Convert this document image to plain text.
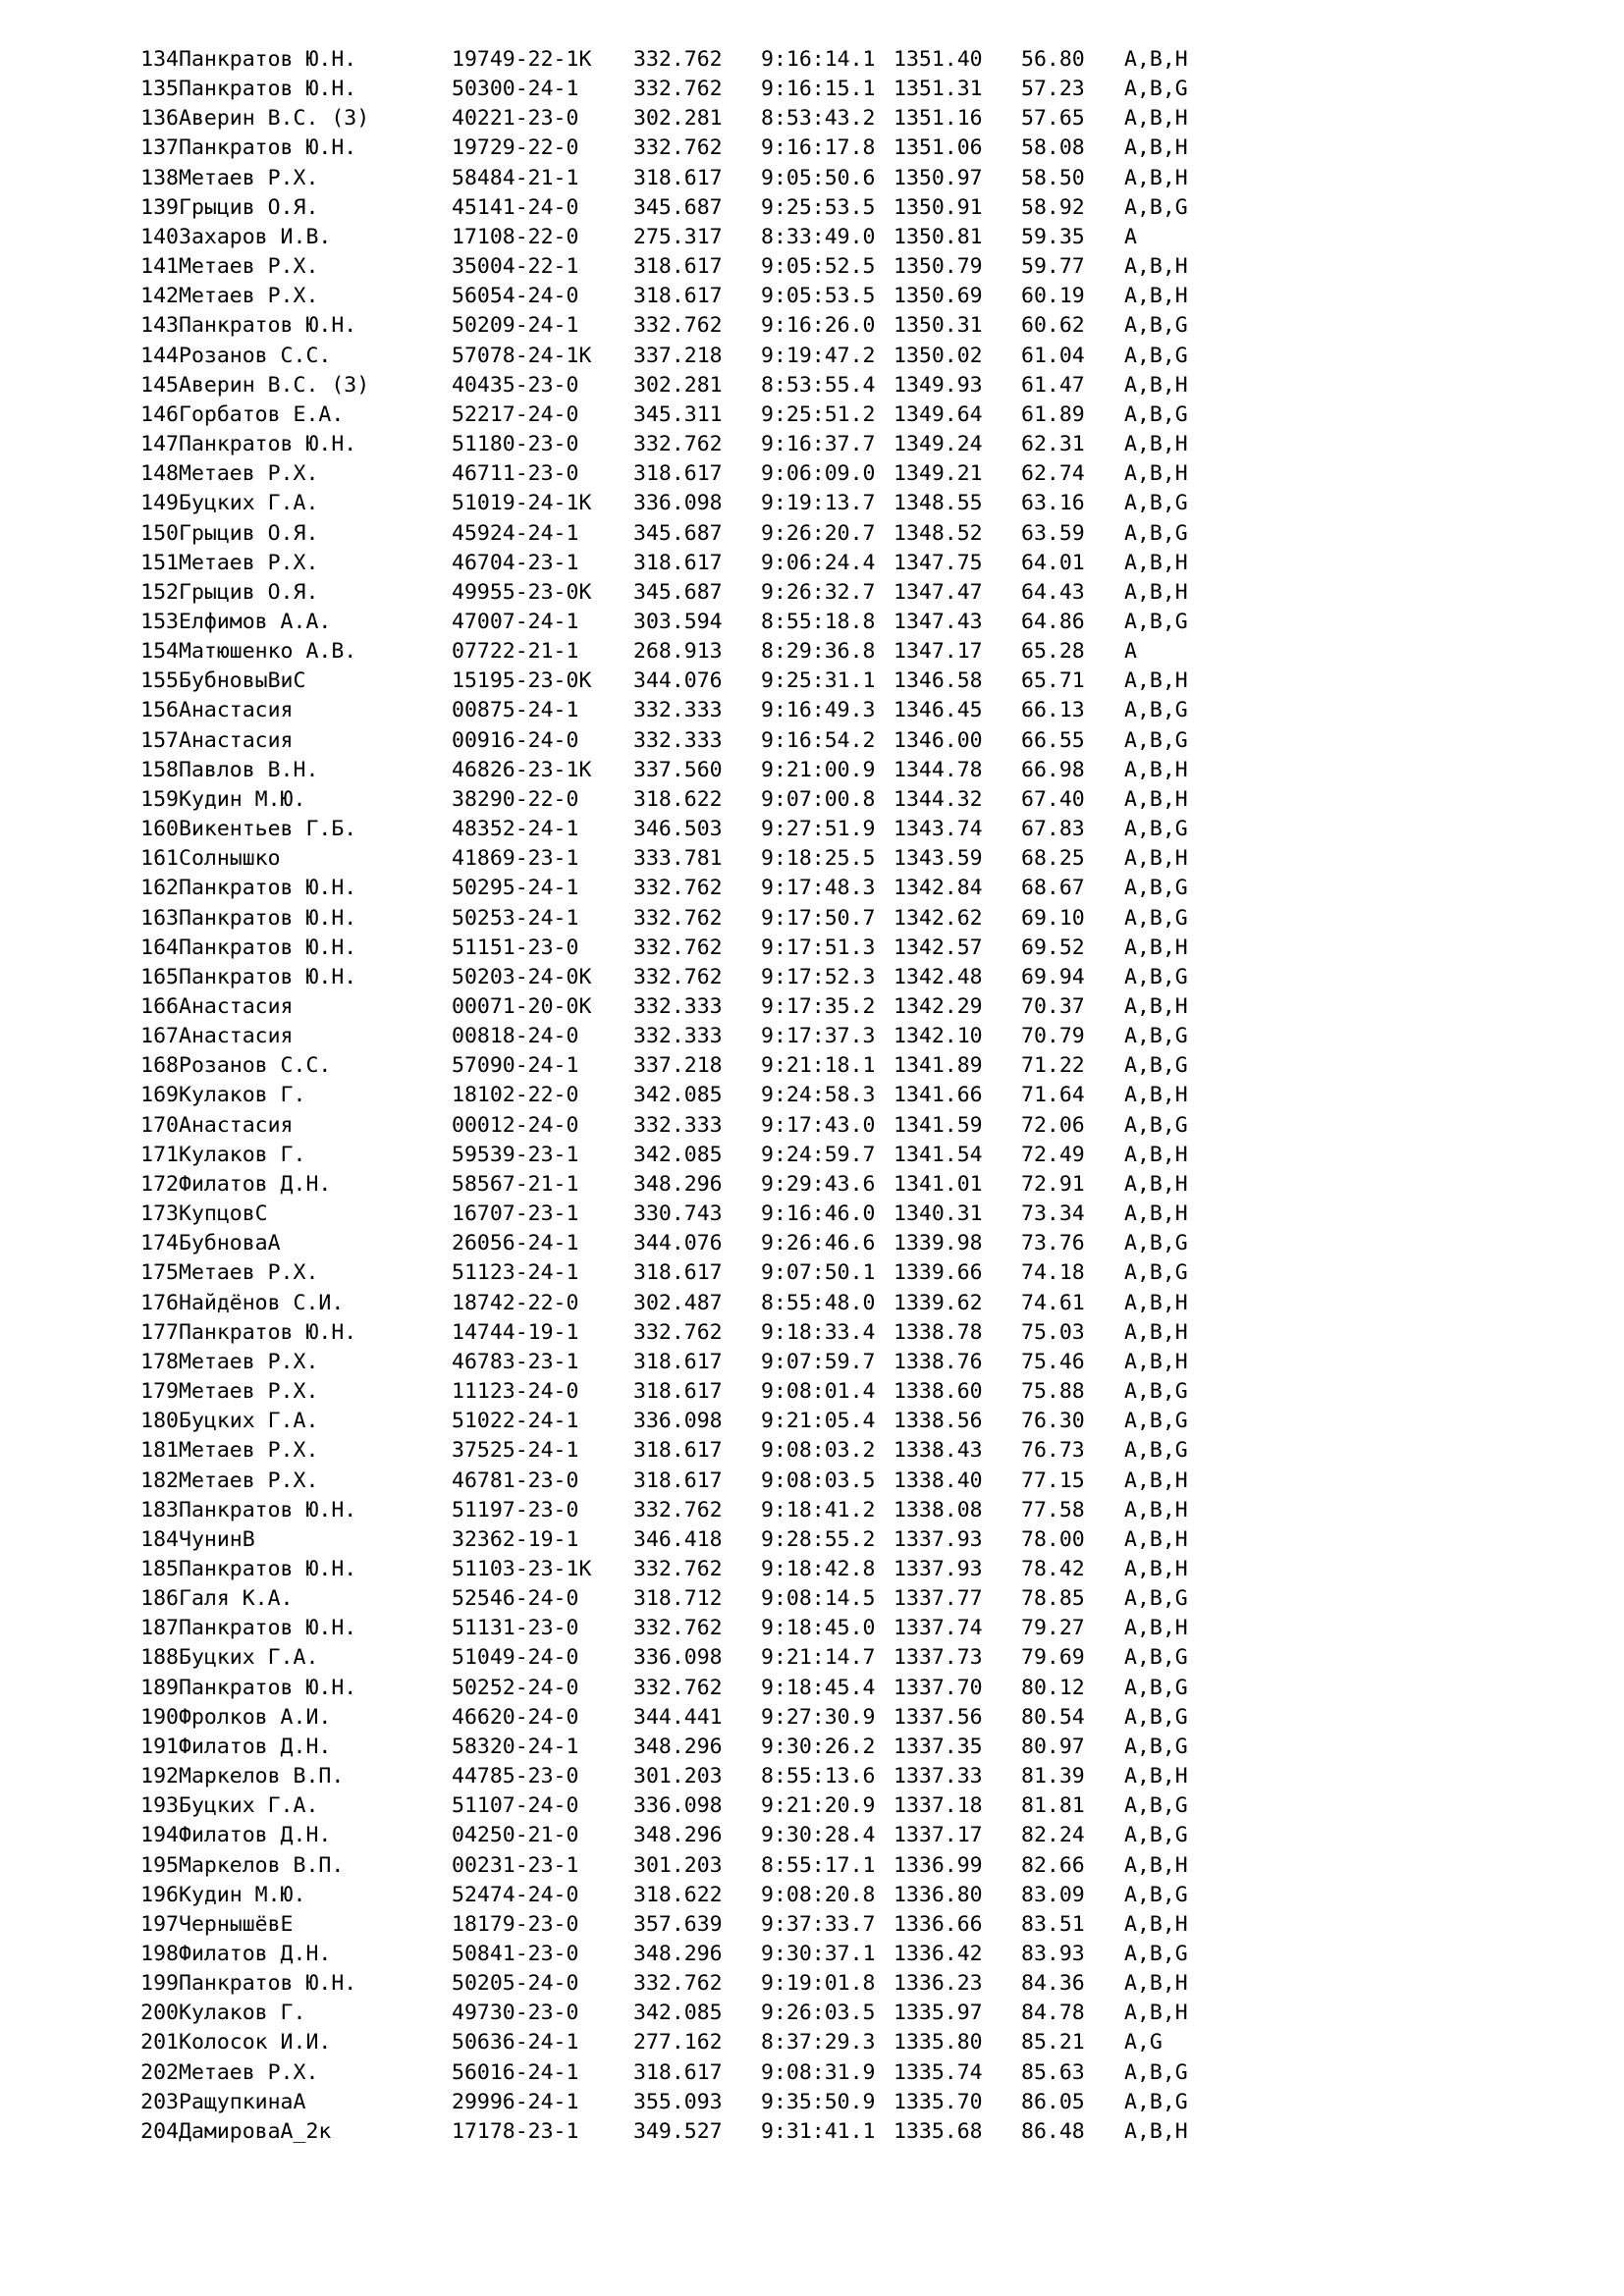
134	Панкратов Ю.Н.	19749-22-1К	332.762	9:16:14.1	1351.40	56.80	А,В,Н
135	Панкратов Ю.Н.	50300-24-1	332.762	9:16:15.1	1351.31	57.23	А,В,G
136	Аверин В.С. (З)	40221-23-0	302.281	8:53:43.2	1351.16	57.65	А,В,Н
137	Панкратов Ю.Н.	19729-22-0	332.762	9:16:17.8	1351.06	58.08	А,В,Н
138	Метаев Р.Х.	58484-21-1	318.617	9:05:50.6	1350.97	58.50	А,В,Н
139	Грыцив О.Я.	45141-24-0	345.687	9:25:53.5	1350.91	58.92	А,В,G
140	Захаров И.В.	17108-22-0	275.317	8:33:49.0	1350.81	59.35	А
141	Метаев Р.Х.	35004-22-1	318.617	9:05:52.5	1350.79	59.77	А,В,Н
142	Метаев Р.Х.	56054-24-0	318.617	9:05:53.5	1350.69	60.19	А,В,Н
143	Панкратов Ю.Н.	50209-24-1	332.762	9:16:26.0	1350.31	60.62	А,В,G
144	Розанов С.С.	57078-24-1К	337.218	9:19:47.2	1350.02	61.04	А,В,G
145	Аверин В.С. (З)	40435-23-0	302.281	8:53:55.4	1349.93	61.47	А,В,Н
146	Горбатов Е.А.	52217-24-0	345.311	9:25:51.2	1349.64	61.89	А,В,G
147	Панкратов Ю.Н.	51180-23-0	332.762	9:16:37.7	1349.24	62.31	А,В,Н
148	Метаев Р.Х.	46711-23-0	318.617	9:06:09.0	1349.21	62.74	А,В,Н
149	Буцких Г.А.	51019-24-1К	336.098	9:19:13.7	1348.55	63.16	А,В,G
150	Грыцив О.Я.	45924-24-1	345.687	9:26:20.7	1348.52	63.59	А,В,G
151	Метаев Р.Х.	46704-23-1	318.617	9:06:24.4	1347.75	64.01	А,В,Н
152	Грыцив О.Я.	49955-23-0К	345.687	9:26:32.7	1347.47	64.43	А,В,Н
153	Елфимов А.А.	47007-24-1	303.594	8:55:18.8	1347.43	64.86	А,В,G
154	Матюшенко А.В.	07722-21-1	268.913	8:29:36.8	1347.17	65.28	А
155	БубновыВиС	15195-23-0К	344.076	9:25:31.1	1346.58	65.71	А,В,Н
156	Анастасия	00875-24-1	332.333	9:16:49.3	1346.45	66.13	А,В,G
157	Анастасия	00916-24-0	332.333	9:16:54.2	1346.00	66.55	А,В,G
158	Павлов В.Н.	46826-23-1К	337.560	9:21:00.9	1344.78	66.98	А,В,Н
159	Кудин М.Ю.	38290-22-0	318.622	9:07:00.8	1344.32	67.40	А,В,Н
160	Викентьев Г.Б.	48352-24-1	346.503	9:27:51.9	1343.74	67.83	А,В,G
161	Солнышко	41869-23-1	333.781	9:18:25.5	1343.59	68.25	А,В,Н
162	Панкратов Ю.Н.	50295-24-1	332.762	9:17:48.3	1342.84	68.67	А,В,G
163	Панкратов Ю.Н.	50253-24-1	332.762	9:17:50.7	1342.62	69.10	А,В,G
164	Панкратов Ю.Н.	51151-23-0	332.762	9:17:51.3	1342.57	69.52	А,В,Н
165	Панкратов Ю.Н.	50203-24-0К	332.762	9:17:52.3	1342.48	69.94	А,В,G
166	Анастасия	00071-20-0К	332.333	9:17:35.2	1342.29	70.37	А,В,Н
167	Анастасия	00818-24-0	332.333	9:17:37.3	1342.10	70.79	А,В,G
168	Розанов С.С.	57090-24-1	337.218	9:21:18.1	1341.89	71.22	А,В,G
169	Кулаков Г.	18102-22-0	342.085	9:24:58.3	1341.66	71.64	А,В,Н
170	Анастасия	00012-24-0	332.333	9:17:43.0	1341.59	72.06	А,В,G
171	Кулаков Г.	59539-23-1	342.085	9:24:59.7	1341.54	72.49	А,В,Н
172	Филатов Д.Н.	58567-21-1	348.296	9:29:43.6	1341.01	72.91	А,В,Н
173	КупцовС	16707-23-1	330.743	9:16:46.0	1340.31	73.34	А,В,Н
174	БубноваА	26056-24-1	344.076	9:26:46.6	1339.98	73.76	А,В,G
175	Метаев Р.Х.	51123-24-1	318.617	9:07:50.1	1339.66	74.18	А,В,G
176	Найдёнов С.И.	18742-22-0	302.487	8:55:48.0	1339.62	74.61	А,В,Н
177	Панкратов Ю.Н.	14744-19-1	332.762	9:18:33.4	1338.78	75.03	А,В,Н
178	Метаев Р.Х.	46783-23-1	318.617	9:07:59.7	1338.76	75.46	А,В,Н
179	Метаев Р.Х.	11123-24-0	318.617	9:08:01.4	1338.60	75.88	А,В,G
180	Буцких Г.А.	51022-24-1	336.098	9:21:05.4	1338.56	76.30	А,В,G
181	Метаев Р.Х.	37525-24-1	318.617	9:08:03.2	1338.43	76.73	А,В,G
182	Метаев Р.Х.	46781-23-0	318.617	9:08:03.5	1338.40	77.15	А,В,Н
183	Панкратов Ю.Н.	51197-23-0	332.762	9:18:41.2	1338.08	77.58	А,В,Н
184	ЧунинВ	32362-19-1	346.418	9:28:55.2	1337.93	78.00	А,В,Н
185	Панкратов Ю.Н.	51103-23-1К	332.762	9:18:42.8	1337.93	78.42	А,В,Н
186	Галя К.А.	52546-24-0	318.712	9:08:14.5	1337.77	78.85	А,В,G
187	Панкратов Ю.Н.	51131-23-0	332.762	9:18:45.0	1337.74	79.27	А,В,Н
188	Буцких Г.А.	51049-24-0	336.098	9:21:14.7	1337.73	79.69	А,В,G
189	Панкратов Ю.Н.	50252-24-0	332.762	9:18:45.4	1337.70	80.12	А,В,G
190	Фролков А.И.	46620-24-0	344.441	9:27:30.9	1337.56	80.54	А,В,G
191	Филатов Д.Н.	58320-24-1	348.296	9:30:26.2	1337.35	80.97	А,В,G
192	Маркелов В.П.	44785-23-0	301.203	8:55:13.6	1337.33	81.39	А,В,Н
193	Буцких Г.А.	51107-24-0	336.098	9:21:20.9	1337.18	81.81	А,В,G
194	Филатов Д.Н.	04250-21-0	348.296	9:30:28.4	1337.17	82.24	А,В,G
195	Маркелов В.П.	00231-23-1	301.203	8:55:17.1	1336.99	82.66	А,В,Н
196	Кудин М.Ю.	52474-24-0	318.622	9:08:20.8	1336.80	83.09	А,В,G
197	ЧернышёвЕ	18179-23-0	357.639	9:37:33.7	1336.66	83.51	А,В,Н
198	Филатов Д.Н.	50841-23-0	348.296	9:30:37.1	1336.42	83.93	А,В,G
199	Панкратов Ю.Н.	50205-24-0	332.762	9:19:01.8	1336.23	84.36	А,В,Н
200	Кулаков Г.	49730-23-0	342.085	9:26:03.5	1335.97	84.78	А,В,Н
201	Колосок И.И.	50636-24-1	277.162	8:37:29.3	1335.80	85.21	А,G
202	Метаев Р.Х.	56016-24-1	318.617	9:08:31.9	1335.74	85.63	А,В,G
203	РащупкинаА	29996-24-1	355.093	9:35:50.9	1335.70	86.05	А,В,G
204	ДамироваА_2к	17178-23-1	349.527	9:31:41.1	1335.68	86.48	А,В,Н
